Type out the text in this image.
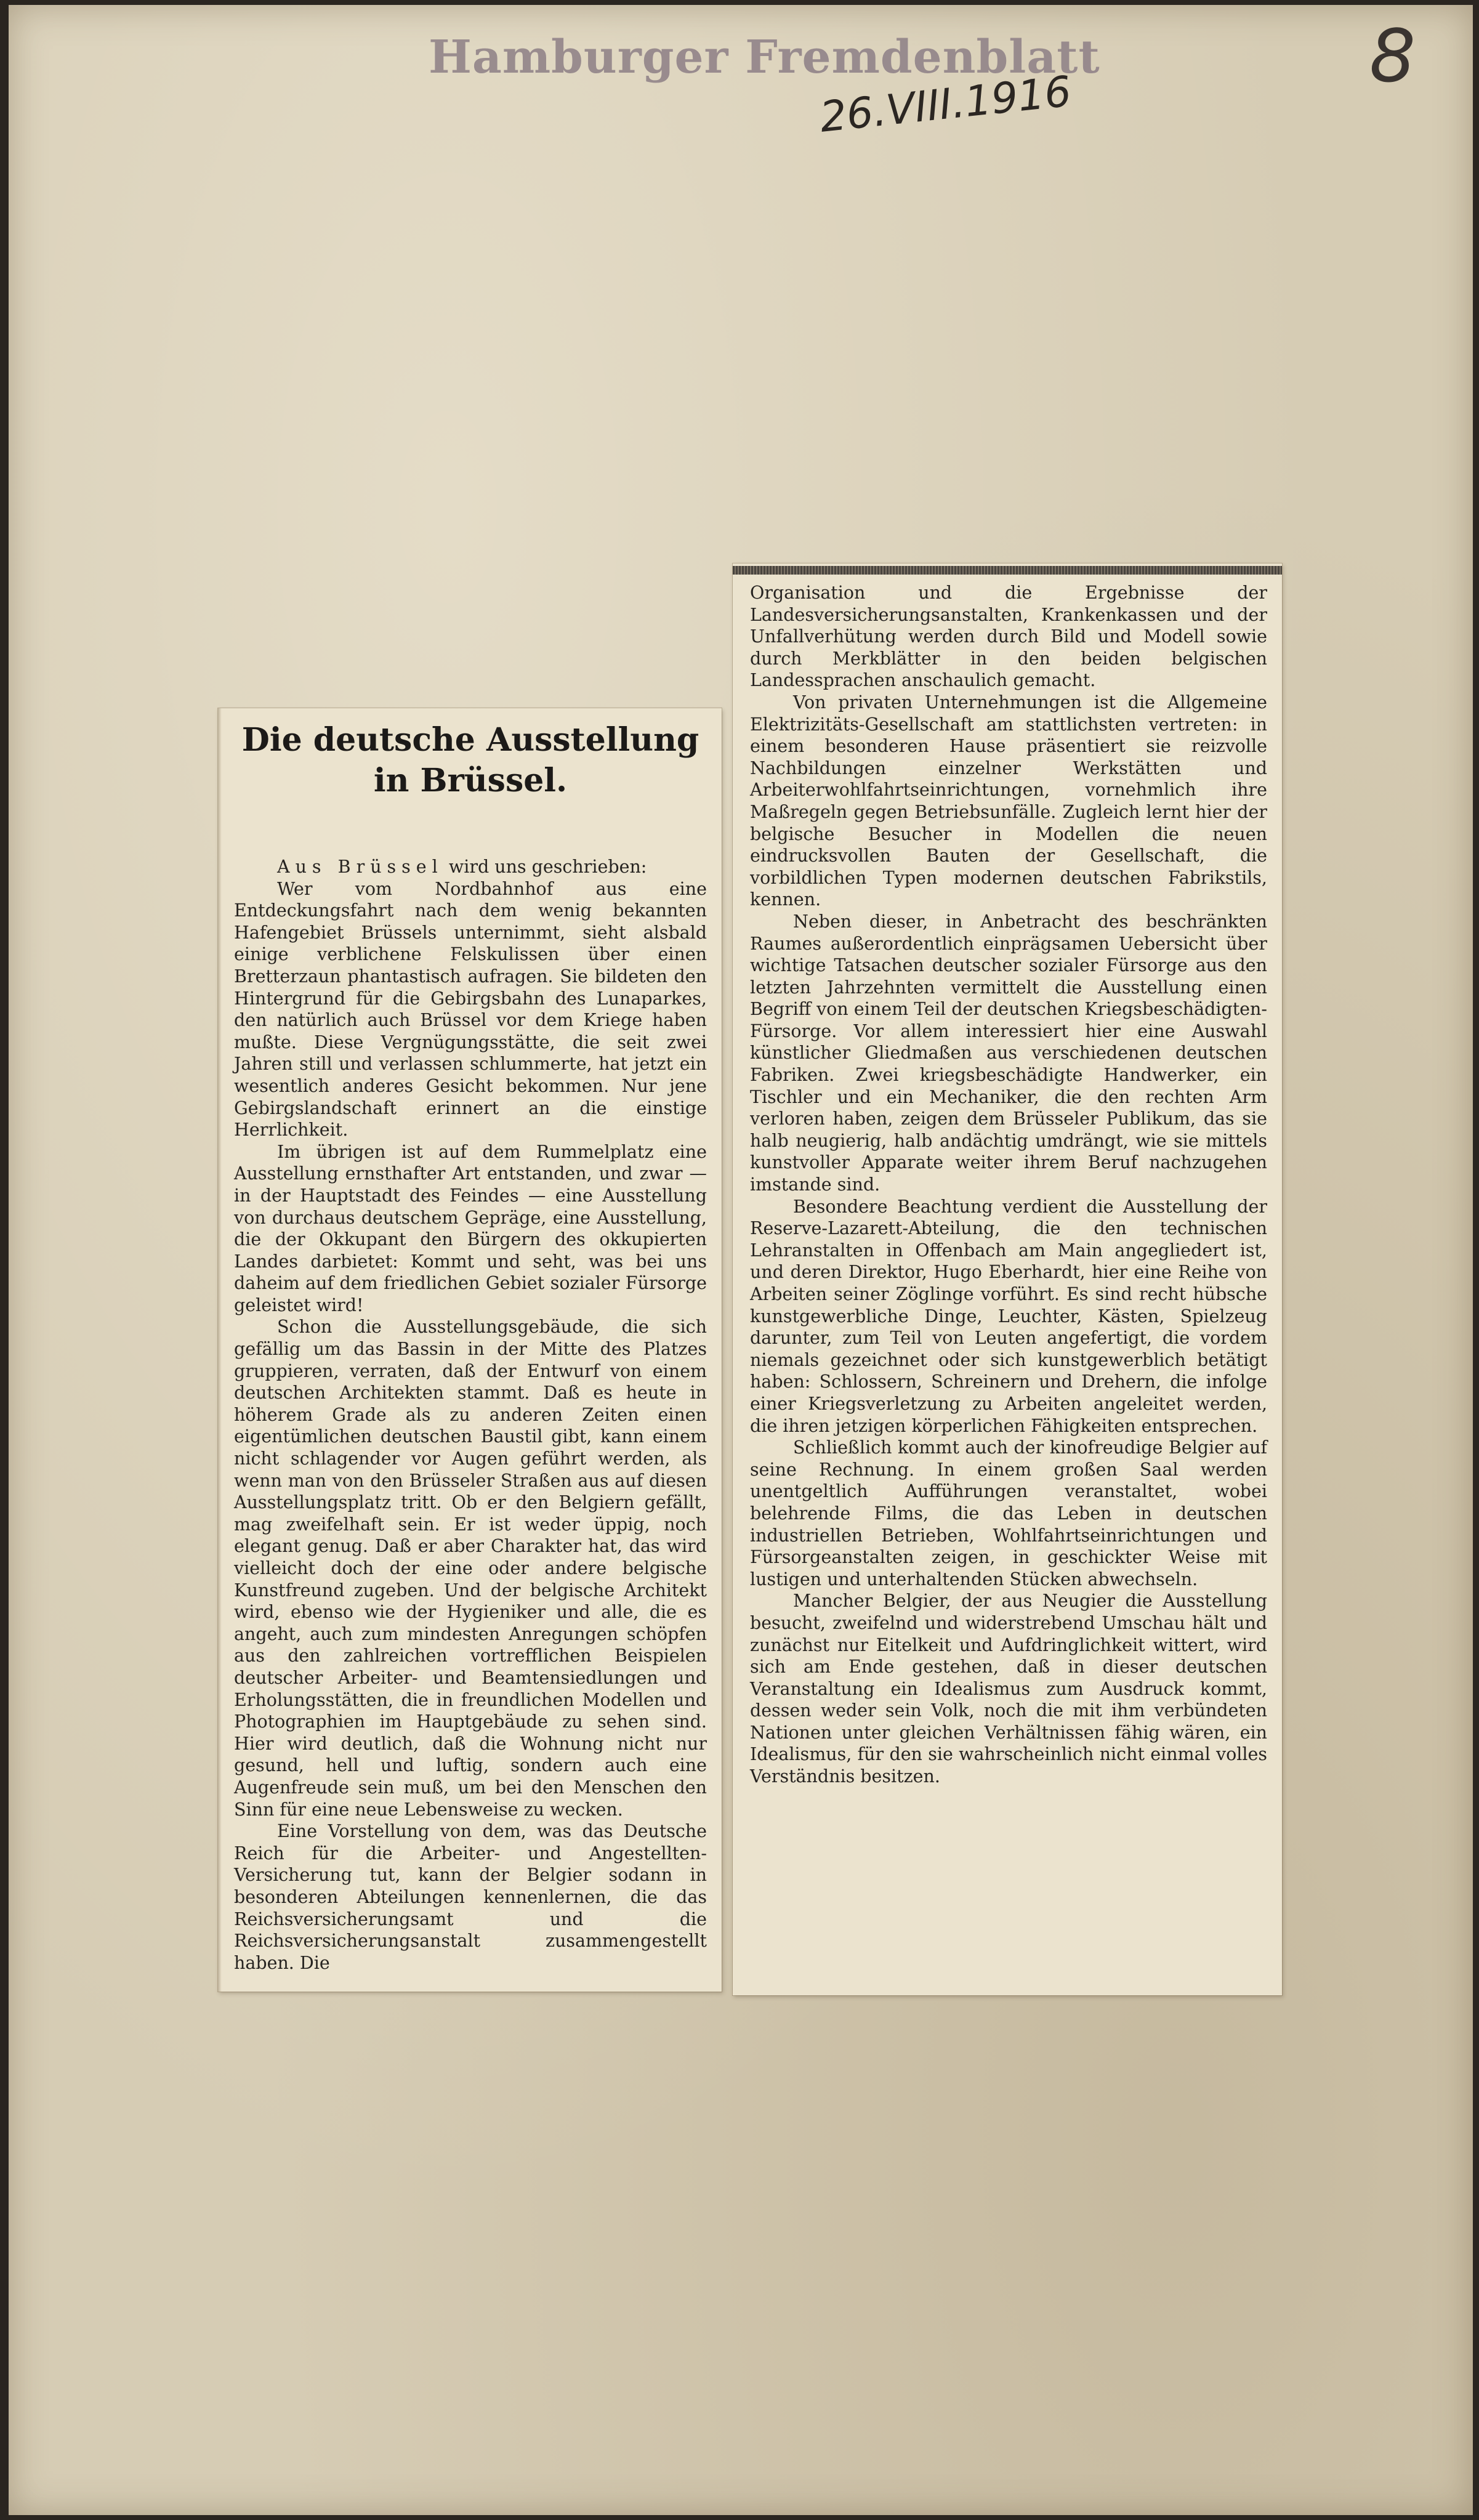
Hamburger Fremdenblatt
26.VIII.1916
8
Die deutsche Ausstellung
in Brüssel.

Aus Brüssel wird uns geschrieben:

Wer vom Nordbahnhof aus eine Entdeckungsfahrt nach dem wenig bekannten Hafengebiet Brüssels unternimmt, sieht alsbald einige verblichene Felskulissen über einen Bretterzaun phantastisch aufragen. Sie bildeten den Hintergrund für die Gebirgsbahn des Lunaparkes, den natürlich auch Brüssel vor dem Kriege haben mußte. Diese Vergnügungsstätte, die seit zwei Jahren still und verlassen schlummerte, hat jetzt ein wesentlich anderes Gesicht bekommen. Nur jene Gebirgslandschaft erinnert an die einstige Herrlichkeit.

Im übrigen ist auf dem Rummelplatz eine Ausstellung ernsthafter Art entstanden, und zwar — in der Hauptstadt des Feindes — eine Ausstellung von durchaus deutschem Gepräge, eine Ausstellung, die der Okkupant den Bürgern des okkupierten Landes darbietet: Kommt und seht, was bei uns daheim auf dem friedlichen Gebiet sozialer Fürsorge geleistet wird!

Schon die Ausstellungsgebäude, die sich gefällig um das Bassin in der Mitte des Platzes gruppieren, verraten, daß der Entwurf von einem deutschen Architekten stammt. Daß es heute in höherem Grade als zu anderen Zeiten einen eigentümlichen deutschen Baustil gibt, kann einem nicht schlagender vor Augen geführt werden, als wenn man von den Brüsseler Straßen aus auf diesen Ausstellungsplatz tritt. Ob er den Belgiern gefällt, mag zweifelhaft sein. Er ist weder üppig, noch elegant genug. Daß er aber Charakter hat, das wird vielleicht doch der eine oder andere belgische Kunstfreund zugeben. Und der belgische Architekt wird, ebenso wie der Hygieniker und alle, die es angeht, auch zum mindesten Anregungen schöpfen aus den zahlreichen vortrefflichen Beispielen deutscher Arbeiter- und Beamtensiedlungen und Erholungsstätten, die in freundlichen Modellen und Photographien im Hauptgebäude zu sehen sind. Hier wird deutlich, daß die Wohnung nicht nur gesund, hell und luftig, sondern auch eine Augenfreude sein muß, um bei den Menschen den Sinn für eine neue Lebensweise zu wecken.

Eine Vorstellung von dem, was das Deutsche Reich für die Arbeiter- und Angestellten-Versicherung tut, kann der Belgier sodann in besonderen Abteilungen kennenlernen, die das Reichsversicherungsamt und die Reichsversicherungsanstalt zusammengestellt haben. Die

Organisation und die Ergebnisse der Landesversicherungsanstalten, Krankenkassen und der Unfallverhütung werden durch Bild und Modell sowie durch Merkblätter in den beiden belgischen Landessprachen anschaulich gemacht.

Von privaten Unternehmungen ist die Allgemeine Elektrizitäts-Gesellschaft am stattlichsten vertreten: in einem besonderen Hause präsentiert sie reizvolle Nachbildungen einzelner Werkstätten und Arbeiterwohlfahrtseinrichtungen, vornehmlich ihre Maßregeln gegen Betriebsunfälle. Zugleich lernt hier der belgische Besucher in Modellen die neuen eindrucksvollen Bauten der Gesellschaft, die vorbildlichen Typen modernen deutschen Fabrikstils, kennen.

Neben dieser, in Anbetracht des beschränkten Raumes außerordentlich einprägsamen Uebersicht über wichtige Tatsachen deutscher sozialer Fürsorge aus den letzten Jahrzehnten vermittelt die Ausstellung einen Begriff von einem Teil der deutschen Kriegsbeschädigten-Fürsorge. Vor allem interessiert hier eine Auswahl künstlicher Gliedmaßen aus verschiedenen deutschen Fabriken. Zwei kriegsbeschädigte Handwerker, ein Tischler und ein Mechaniker, die den rechten Arm verloren haben, zeigen dem Brüsseler Publikum, das sie halb neugierig, halb andächtig umdrängt, wie sie mittels kunstvoller Apparate weiter ihrem Beruf nachzugehen imstande sind.

Besondere Beachtung verdient die Ausstellung der Reserve-Lazarett-Abteilung, die den technischen Lehranstalten in Offenbach am Main angegliedert ist, und deren Direktor, Hugo Eberhardt, hier eine Reihe von Arbeiten seiner Zöglinge vorführt. Es sind recht hübsche kunstgewerbliche Dinge, Leuchter, Kästen, Spielzeug darunter, zum Teil von Leuten angefertigt, die vordem niemals gezeichnet oder sich kunstgewerblich betätigt haben: Schlossern, Schreinern und Drehern, die infolge einer Kriegsverletzung zu Arbeiten angeleitet werden, die ihren jetzigen körperlichen Fähigkeiten entsprechen.

Schließlich kommt auch der kinofreudige Belgier auf seine Rechnung. In einem großen Saal werden unentgeltlich Aufführungen veranstaltet, wobei belehrende Films, die das Leben in deutschen industriellen Betrieben, Wohlfahrtseinrichtungen und Fürsorgeanstalten zeigen, in geschickter Weise mit lustigen und unterhaltenden Stücken abwechseln.

Mancher Belgier, der aus Neugier die Ausstellung besucht, zweifelnd und widerstrebend Umschau hält und zunächst nur Eitelkeit und Aufdringlichkeit wittert, wird sich am Ende gestehen, daß in dieser deutschen Veranstaltung ein Idealismus zum Ausdruck kommt, dessen weder sein Volk, noch die mit ihm verbündeten Nationen unter gleichen Verhältnissen fähig wären, ein Idealismus, für den sie wahrscheinlich nicht einmal volles Verständnis besitzen.
